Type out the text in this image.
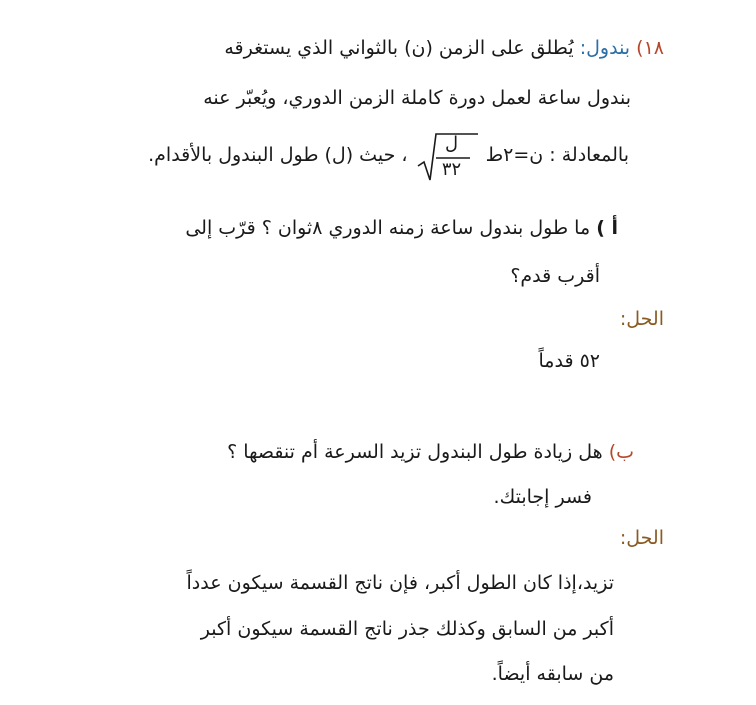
١٨) بندول: يُطلق على الزمن (ن) بالثواني الذي يستغرقه
بندول ساعة لعمل دورة كاملة الزمن الدوري، ويُعبّر عنه
بالمعادلة : ن=٢ط
ل
٣٢
، حيث (ل) طول البندول بالأقدام.
أ ) ما طول بندول ساعة زمنه الدوري ٨ثوان ؟ قرّب إلى
أقرب قدم؟
الحل:
٥٢ قدماً
ب) هل زيادة طول البندول تزيد السرعة أم تنقصها ؟
فسر إجابتك.
الحل:
تزيد،إذا كان الطول أكبر، فإن ناتج القسمة سيكون عدداً
أكبر من السابق وكذلك جذر ناتج القسمة سيكون أكبر
من سابقه أيضاً.
